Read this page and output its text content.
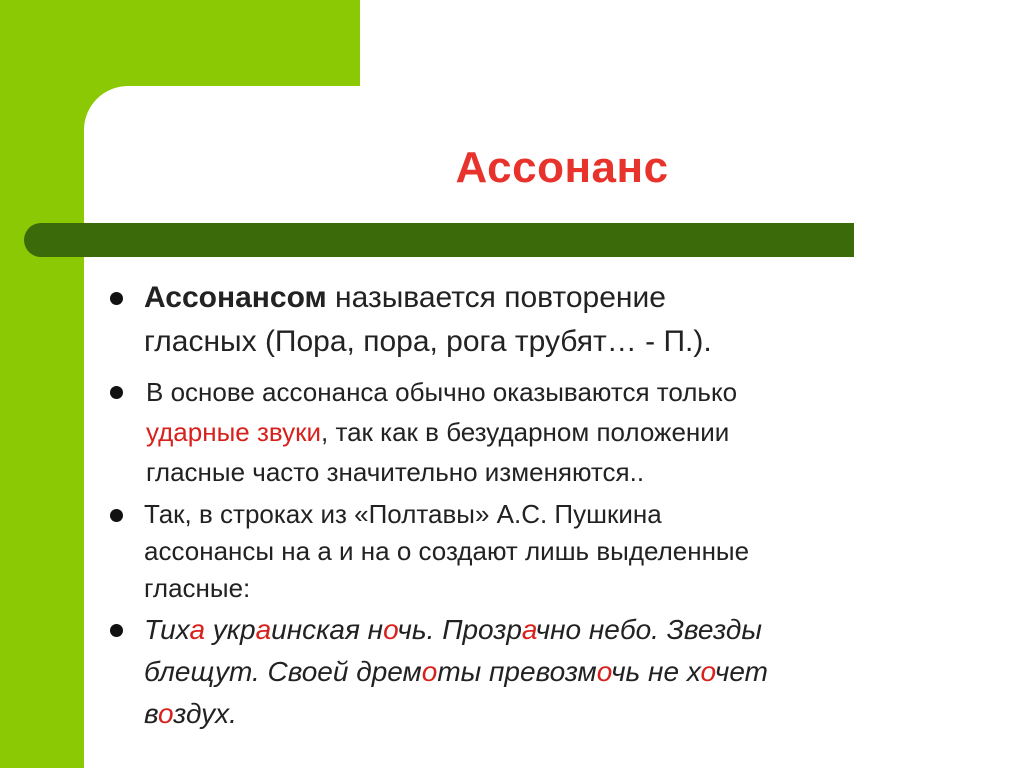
Ассонанс
Ассонансом называется повторение
гласных (Пора, пора, рога трубят… - П.).
В основе ассонанса обычно оказываются только
ударные звуки, так как в безударном положении
гласные часто значительно изменяются..
Так, в строках из «Полтавы» А.С. Пушкина
ассонансы на а и на о создают лишь выделенные
гласные:
Тиха украинская ночь. Прозрачно небо. Звезды
блещут. Своей дремоты превозмочь не хочет
воздух.
